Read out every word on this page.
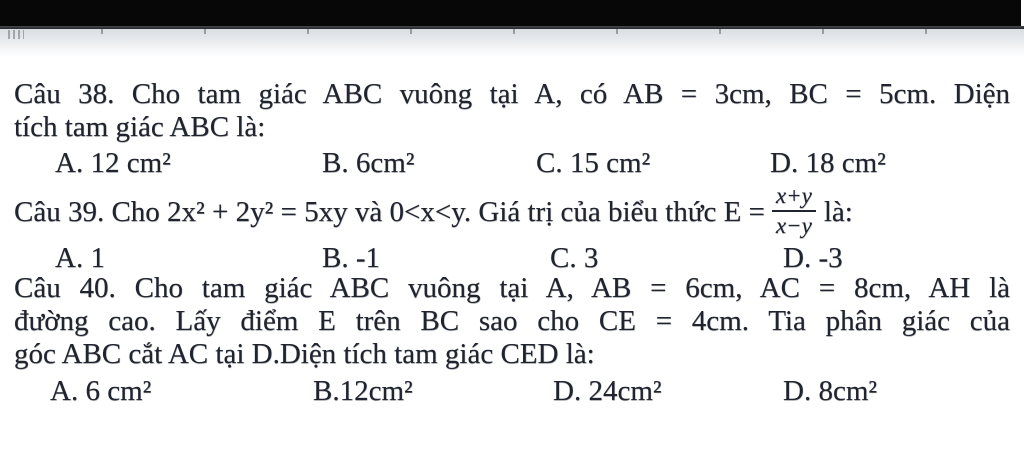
Câu 38. Cho tam giác ABC vuông tại A, có AB = 3cm, BC = 5cm. Diện
tích tam giác ABC là:
A. 12 cm²	B. 6cm²	C. 15 cm²	D. 18 cm²
Câu 39. Cho 2x² + 2y² = 5xy và 0<x<y. Giá trị của biểu thức $E = \frac{x+y}{x-y}$ là:
A. 1	B. -1	C. 3	D. -3
Câu 40. Cho tam giác ABC vuông tại A, AB = 6cm, AC = 8cm, AH là
đường cao. Lấy điểm E trên BC sao cho CE = 4cm. Tia phân giác của
góc ABC cắt AC tại D.Diện tích tam giác CED là:
A. 6 cm²	B.12cm²	D. 24cm²	D. 8cm²
